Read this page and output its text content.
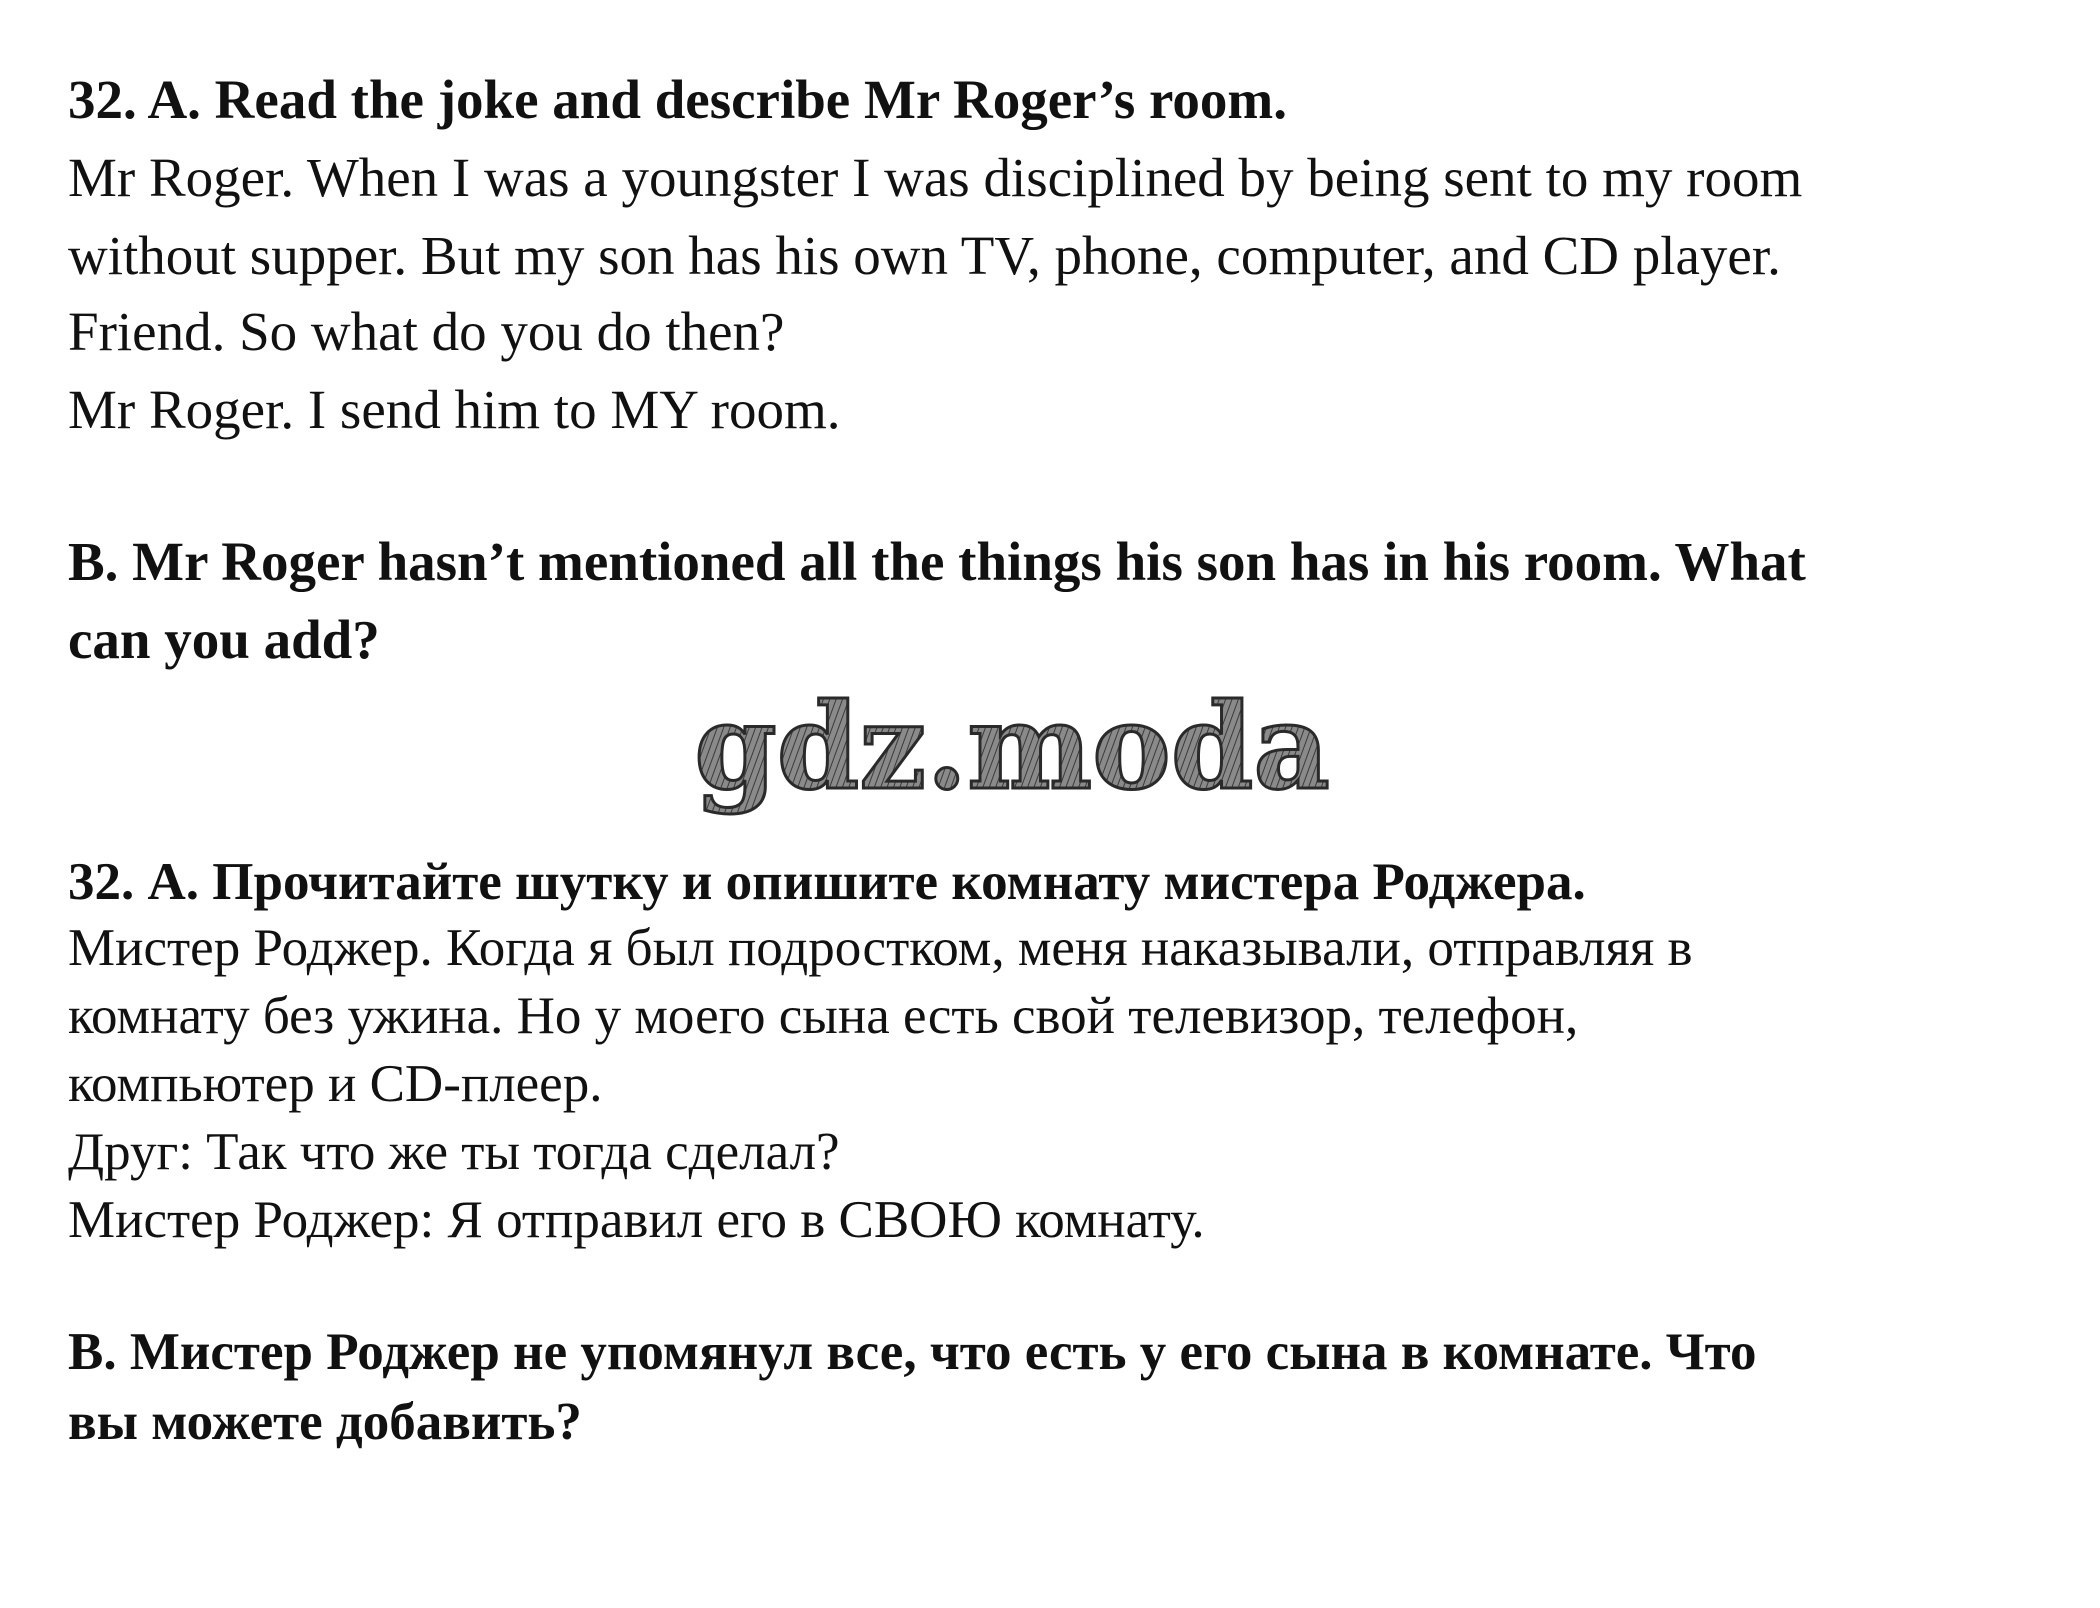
32. A. Read the joke and describe Mr Roger’s room.
Mr Roger. When I was a youngster I was disciplined by being sent to my room
without supper. But my son has his own TV, phone, computer, and CD player.
Friend. So what do you do then?
Mr Roger. I send him to MY room.
B. Mr Roger hasn’t mentioned all the things his son has in his room. What
can you add?
gdz.moda
32. А. Прочитайте шутку и опишите комнату мистера Роджера.
Мистер Роджер. Когда я был подростком, меня наказывали, отправляя в
комнату без ужина. Но у моего сына есть свой телевизор, телефон,
компьютер и CD-плеер.
Друг: Так что же ты тогда сделал?
Мистер Роджер: Я отправил его в СВОЮ комнату.
В. Мистер Роджер не упомянул все, что есть у его сына в комнате. Что
вы можете добавить?
